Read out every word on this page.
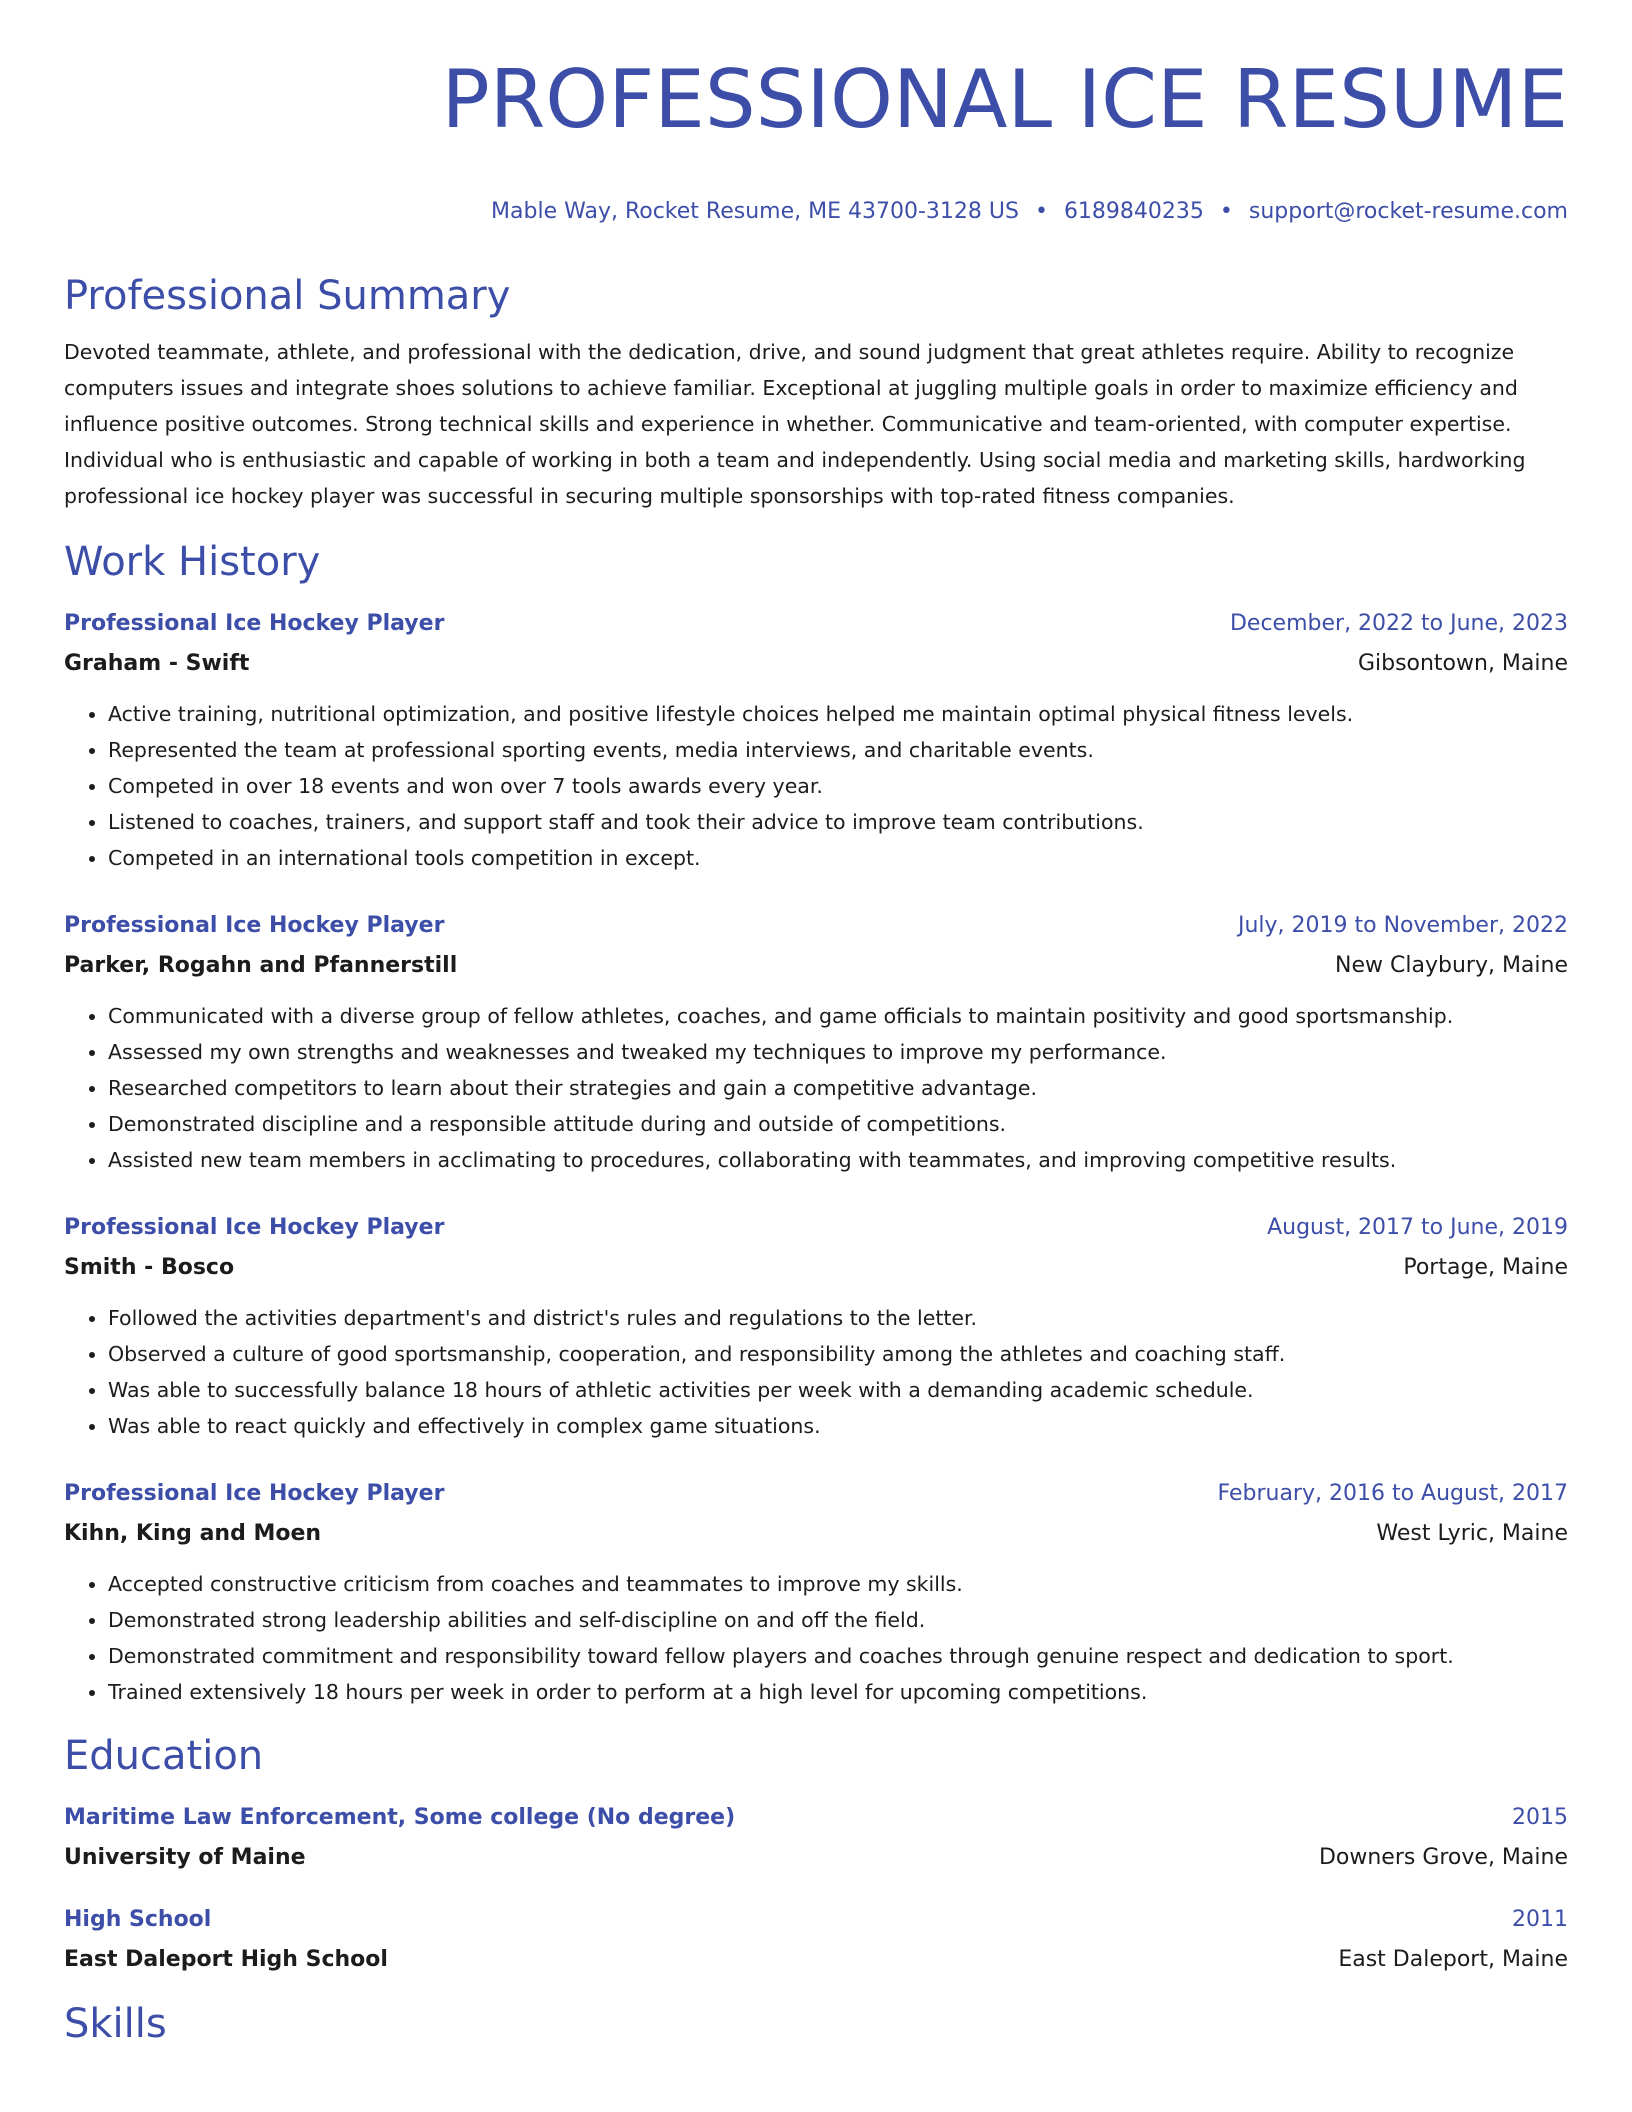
PROFESSIONAL ICE RESUME
Mable Way, Rocket Resume, ME 43700-3128 US • 6189840235 • support@rocket-resume.com
Professional Summary
Devoted teammate, athlete, and professional with the dedication, drive, and sound judgment that great athletes require. Ability to recognize computers issues and integrate shoes solutions to achieve familiar. Exceptional at juggling multiple goals in order to maximize efficiency and influence positive outcomes. Strong technical skills and experience in whether. Communicative and team-oriented, with computer expertise. Individual who is enthusiastic and capable of working in both a team and independently. Using social media and marketing skills, hardworking professional ice hockey player was successful in securing multiple sponsorships with top-rated fitness companies.
Work History
Professional Ice Hockey Player	December, 2022 to June, 2023
Graham - Swift	Gibsontown, Maine
• Active training, nutritional optimization, and positive lifestyle choices helped me maintain optimal physical fitness levels.
• Represented the team at professional sporting events, media interviews, and charitable events.
• Competed in over 18 events and won over 7 tools awards every year.
• Listened to coaches, trainers, and support staff and took their advice to improve team contributions.
• Competed in an international tools competition in except.
Professional Ice Hockey Player	July, 2019 to November, 2022
Parker, Rogahn and Pfannerstill	New Claybury, Maine
• Communicated with a diverse group of fellow athletes, coaches, and game officials to maintain positivity and good sportsmanship.
• Assessed my own strengths and weaknesses and tweaked my techniques to improve my performance.
• Researched competitors to learn about their strategies and gain a competitive advantage.
• Demonstrated discipline and a responsible attitude during and outside of competitions.
• Assisted new team members in acclimating to procedures, collaborating with teammates, and improving competitive results.
Professional Ice Hockey Player	August, 2017 to June, 2019
Smith - Bosco	Portage, Maine
• Followed the activities department's and district's rules and regulations to the letter.
• Observed a culture of good sportsmanship, cooperation, and responsibility among the athletes and coaching staff.
• Was able to successfully balance 18 hours of athletic activities per week with a demanding academic schedule.
• Was able to react quickly and effectively in complex game situations.
Professional Ice Hockey Player	February, 2016 to August, 2017
Kihn, King and Moen	West Lyric, Maine
• Accepted constructive criticism from coaches and teammates to improve my skills.
• Demonstrated strong leadership abilities and self-discipline on and off the field.
• Demonstrated commitment and responsibility toward fellow players and coaches through genuine respect and dedication to sport.
• Trained extensively 18 hours per week in order to perform at a high level for upcoming competitions.
Education
Maritime Law Enforcement, Some college (No degree)	2015
University of Maine	Downers Grove, Maine
High School	2011
East Daleport High School	East Daleport, Maine
Skills
